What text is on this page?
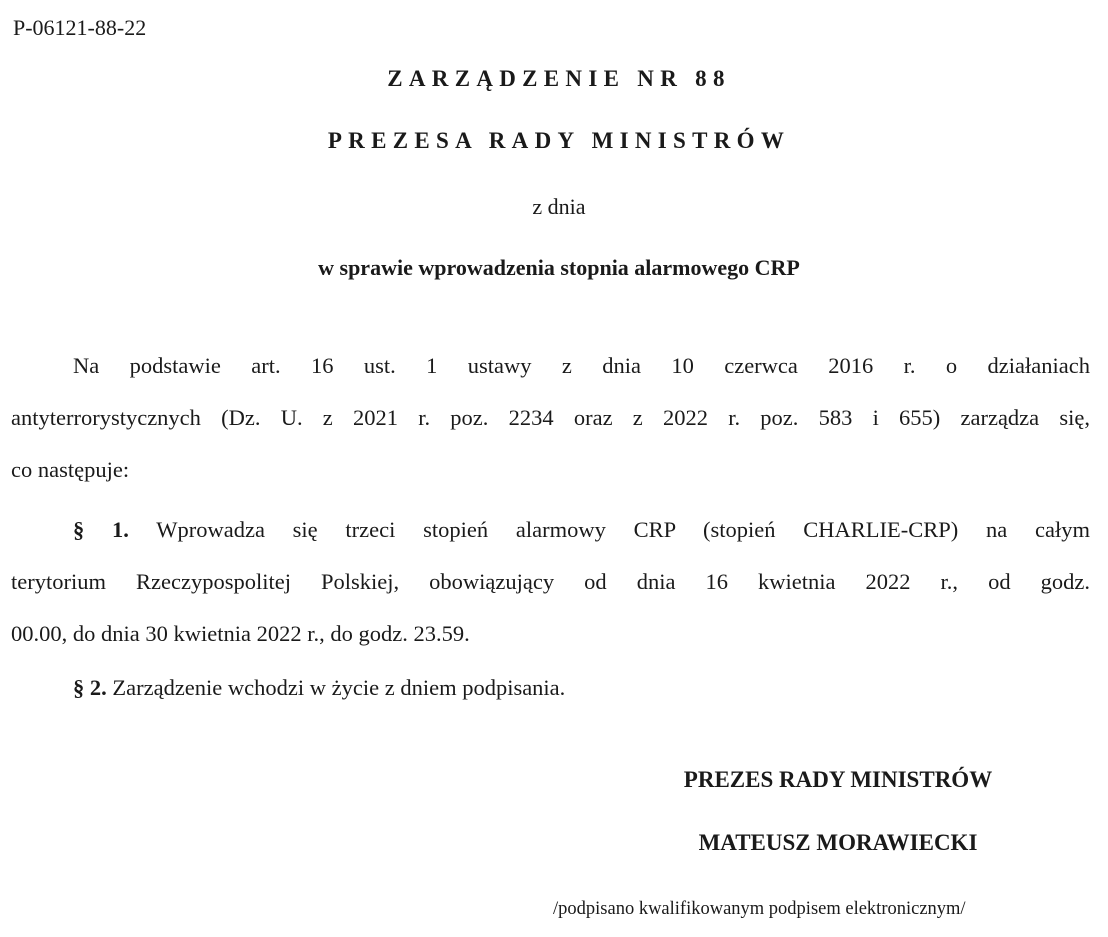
P-06121-88-22
ZARZĄDZENIE NR 88
PREZESA RADY MINISTRÓW
z dnia
w sprawie wprowadzenia stopnia alarmowego CRP
Na podstawie art. 16 ust. 1 ustawy z dnia 10 czerwca 2016 r. o działaniach
antyterrorystycznych (Dz. U. z 2021 r. poz. 2234 oraz z 2022 r. poz. 583 i 655) zarządza się,
co następuje:
§ 1. Wprowadza się trzeci stopień alarmowy CRP (stopień CHARLIE-CRP) na całym
terytorium Rzeczypospolitej Polskiej, obowiązujący od dnia 16 kwietnia 2022 r., od godz.
00.00, do dnia 30 kwietnia 2022 r., do godz. 23.59.
§ 2. Zarządzenie wchodzi w życie z dniem podpisania.
PREZES RADY MINISTRÓW
MATEUSZ MORAWIECKI
/podpisano kwalifikowanym podpisem elektronicznym/
